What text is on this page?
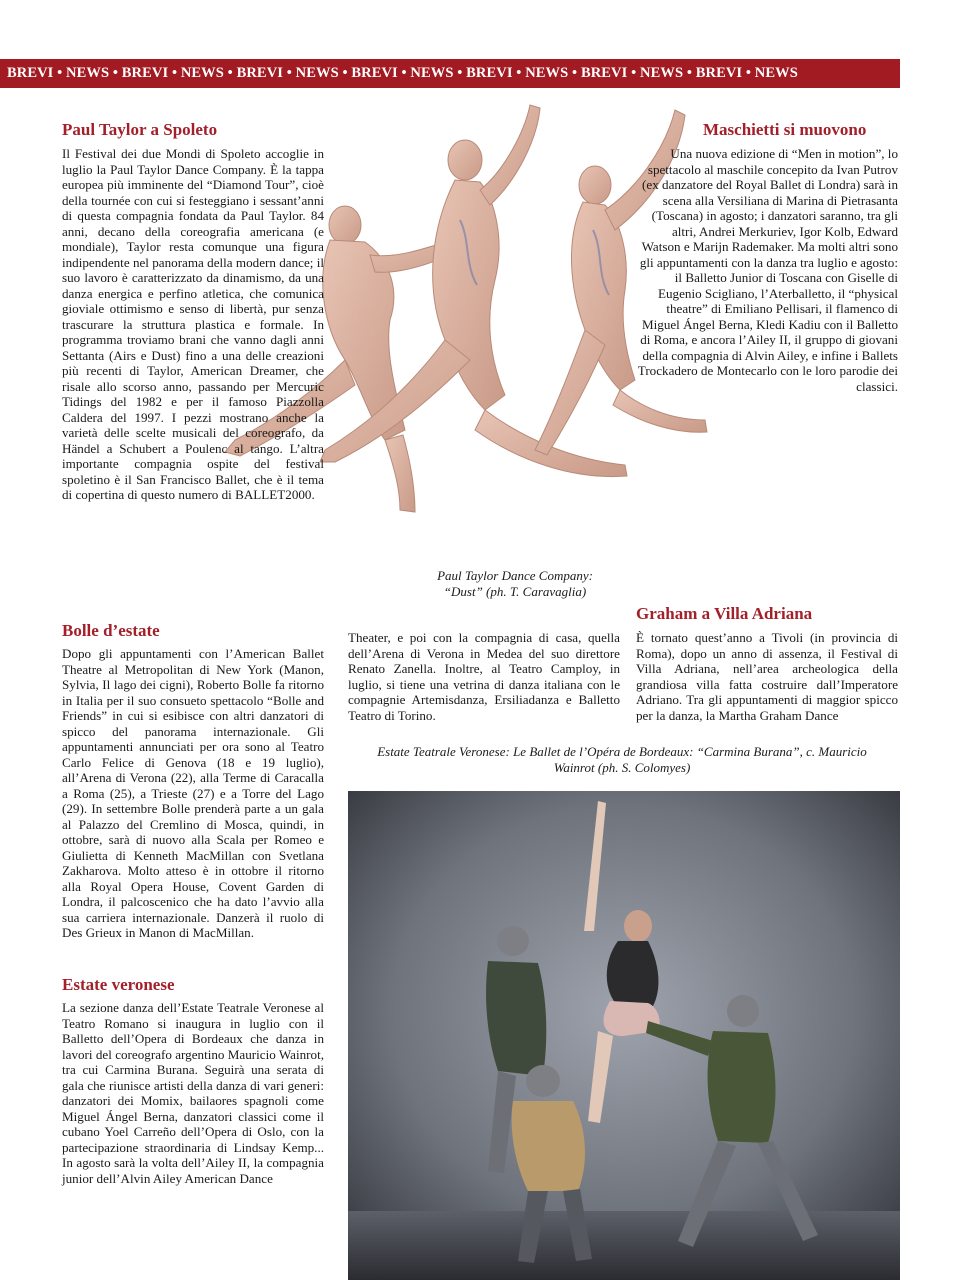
BREVI • NEWS • BREVI • NEWS • BREVI • NEWS • BREVI • NEWS • BREVI • NEWS • BREVI • NEWS • BREVI • NEWS
Paul Taylor a Spoleto

Il Festival dei due Mondi di Spoleto accoglie in luglio la Paul Taylor Dance Company. È la tappa europea più imminente del “Diamond Tour”, cioè della tournée con cui si festeggiano i sessant’anni di questa compagnia fondata da Paul Taylor. 84 anni, decano della coreografia americana (e mondiale), Taylor resta comunque una figura indipendente nel panorama della modern dance; il suo lavoro è caratterizzato da dinamismo, da una danza energica e perfino atletica, che comunica gioviale ottimismo e senso di libertà, pur senza trascurare la struttura plastica e formale. In programma troviamo brani che vanno dagli anni Settanta (Airs e Dust) fino a una delle creazioni più recenti di Taylor, American Dreamer, che risale allo scorso anno, passando per Mercuric Tidings del 1982 e per il famoso Piazzolla Caldera del 1997. I pezzi mostrano anche la varietà delle scelte musicali del coreografo, da Händel a Schubert a Poulenc al tango. L’altra importante compagnia ospite del festival spoletino è il San Francisco Ballet, che è il tema di copertina di questo numero di BALLET2000.

Maschietti si muovono

Una nuova edizione di “Men in motion”, lo spettacolo al maschile concepito da Ivan Putrov (ex danzatore del Royal Ballet di Londra) sarà in scena alla Versiliana di Marina di Pietrasanta (Toscana) in agosto; i danzatori saranno, tra gli altri, Andrei Merkuriev, Igor Kolb, Edward Watson e Marijn Rademaker. Ma molti altri sono gli appuntamenti con la danza tra luglio e agosto: il Balletto Junior di Toscana con Giselle di Eugenio Scigliano, l’Aterballetto, il “physical theatre” di Emiliano Pellisari, il flamenco di Miguel Ángel Berna, Kledi Kadiu con il Balletto di Roma, e ancora l’Ailey II, il gruppo di giovani della compagnia di Alvin Ailey, e infine i Ballets Trockadero de Montecarlo con le loro parodie dei classici.

Paul Taylor Dance Company:
“Dust” (ph. T. Caravaglia)
Graham a Villa Adriana

È tornato quest’anno a Tivoli (in provincia di Roma), dopo un anno di assenza, il Festival di Villa Adriana, nell’area archeologica della grandiosa villa fatta costruire dall’Imperatore Adriano. Tra gli appuntamenti di maggior spicco per la danza, la Martha Graham Dance

Bolle d’estate

Dopo gli appuntamenti con l’American Ballet Theatre al Metropolitan di New York (Manon, Sylvia, Il lago dei cigni), Roberto Bolle fa ritorno in Italia per il suo consueto spettacolo “Bolle and Friends” in cui si esibisce con altri danzatori di spicco del panorama internazionale. Gli appuntamenti annunciati per ora sono al Teatro Carlo Felice di Genova (18 e 19 luglio), all’Arena di Verona (22), alla Terme di Caracalla a Roma (25), a Trieste (27) e a Torre del Lago (29). In settembre Bolle prenderà parte a un gala al Palazzo del Cremlino di Mosca, quindi, in ottobre, sarà di nuovo alla Scala per Romeo e Giulietta di Kenneth MacMillan con Svetlana Zakharova. Molto atteso è in ottobre il ritorno alla Royal Opera House, Covent Garden di Londra, il palcoscenico che ha dato l’avvio alla sua carriera internazionale. Danzerà il ruolo di Des Grieux in Manon di MacMillan.

Theater, e poi con la compagnia di casa, quella dell’Arena di Verona in Medea del suo direttore Renato Zanella. Inoltre, al Teatro Camploy, in luglio, si tiene una vetrina di danza italiana con le compagnie Artemisdanza, Ersiliadanza e Balletto Teatro di Torino.

Estate Teatrale Veronese: Le Ballet de l’Opéra de Bordeaux: “Carmina Burana”, c. Mauricio
Wainrot (ph. S. Colomyes)
Estate veronese

La sezione danza dell’Estate Teatrale Veronese al Teatro Romano si inaugura in luglio con il Balletto dell’Opera di Bordeaux che danza in lavori del coreografo argentino Mauricio Wainrot, tra cui Carmina Burana. Seguirà una serata di gala che riunisce artisti della danza di vari generi: danzatori dei Momix, bailaores spagnoli come Miguel Ángel Berna, danzatori classici come il cubano Yoel Carreño dell’Opera di Oslo, con la partecipazione straordinaria di Lindsay Kemp... In agosto sarà la volta dell’Ailey II, la compagnia junior dell’Alvin Ailey American Dance
